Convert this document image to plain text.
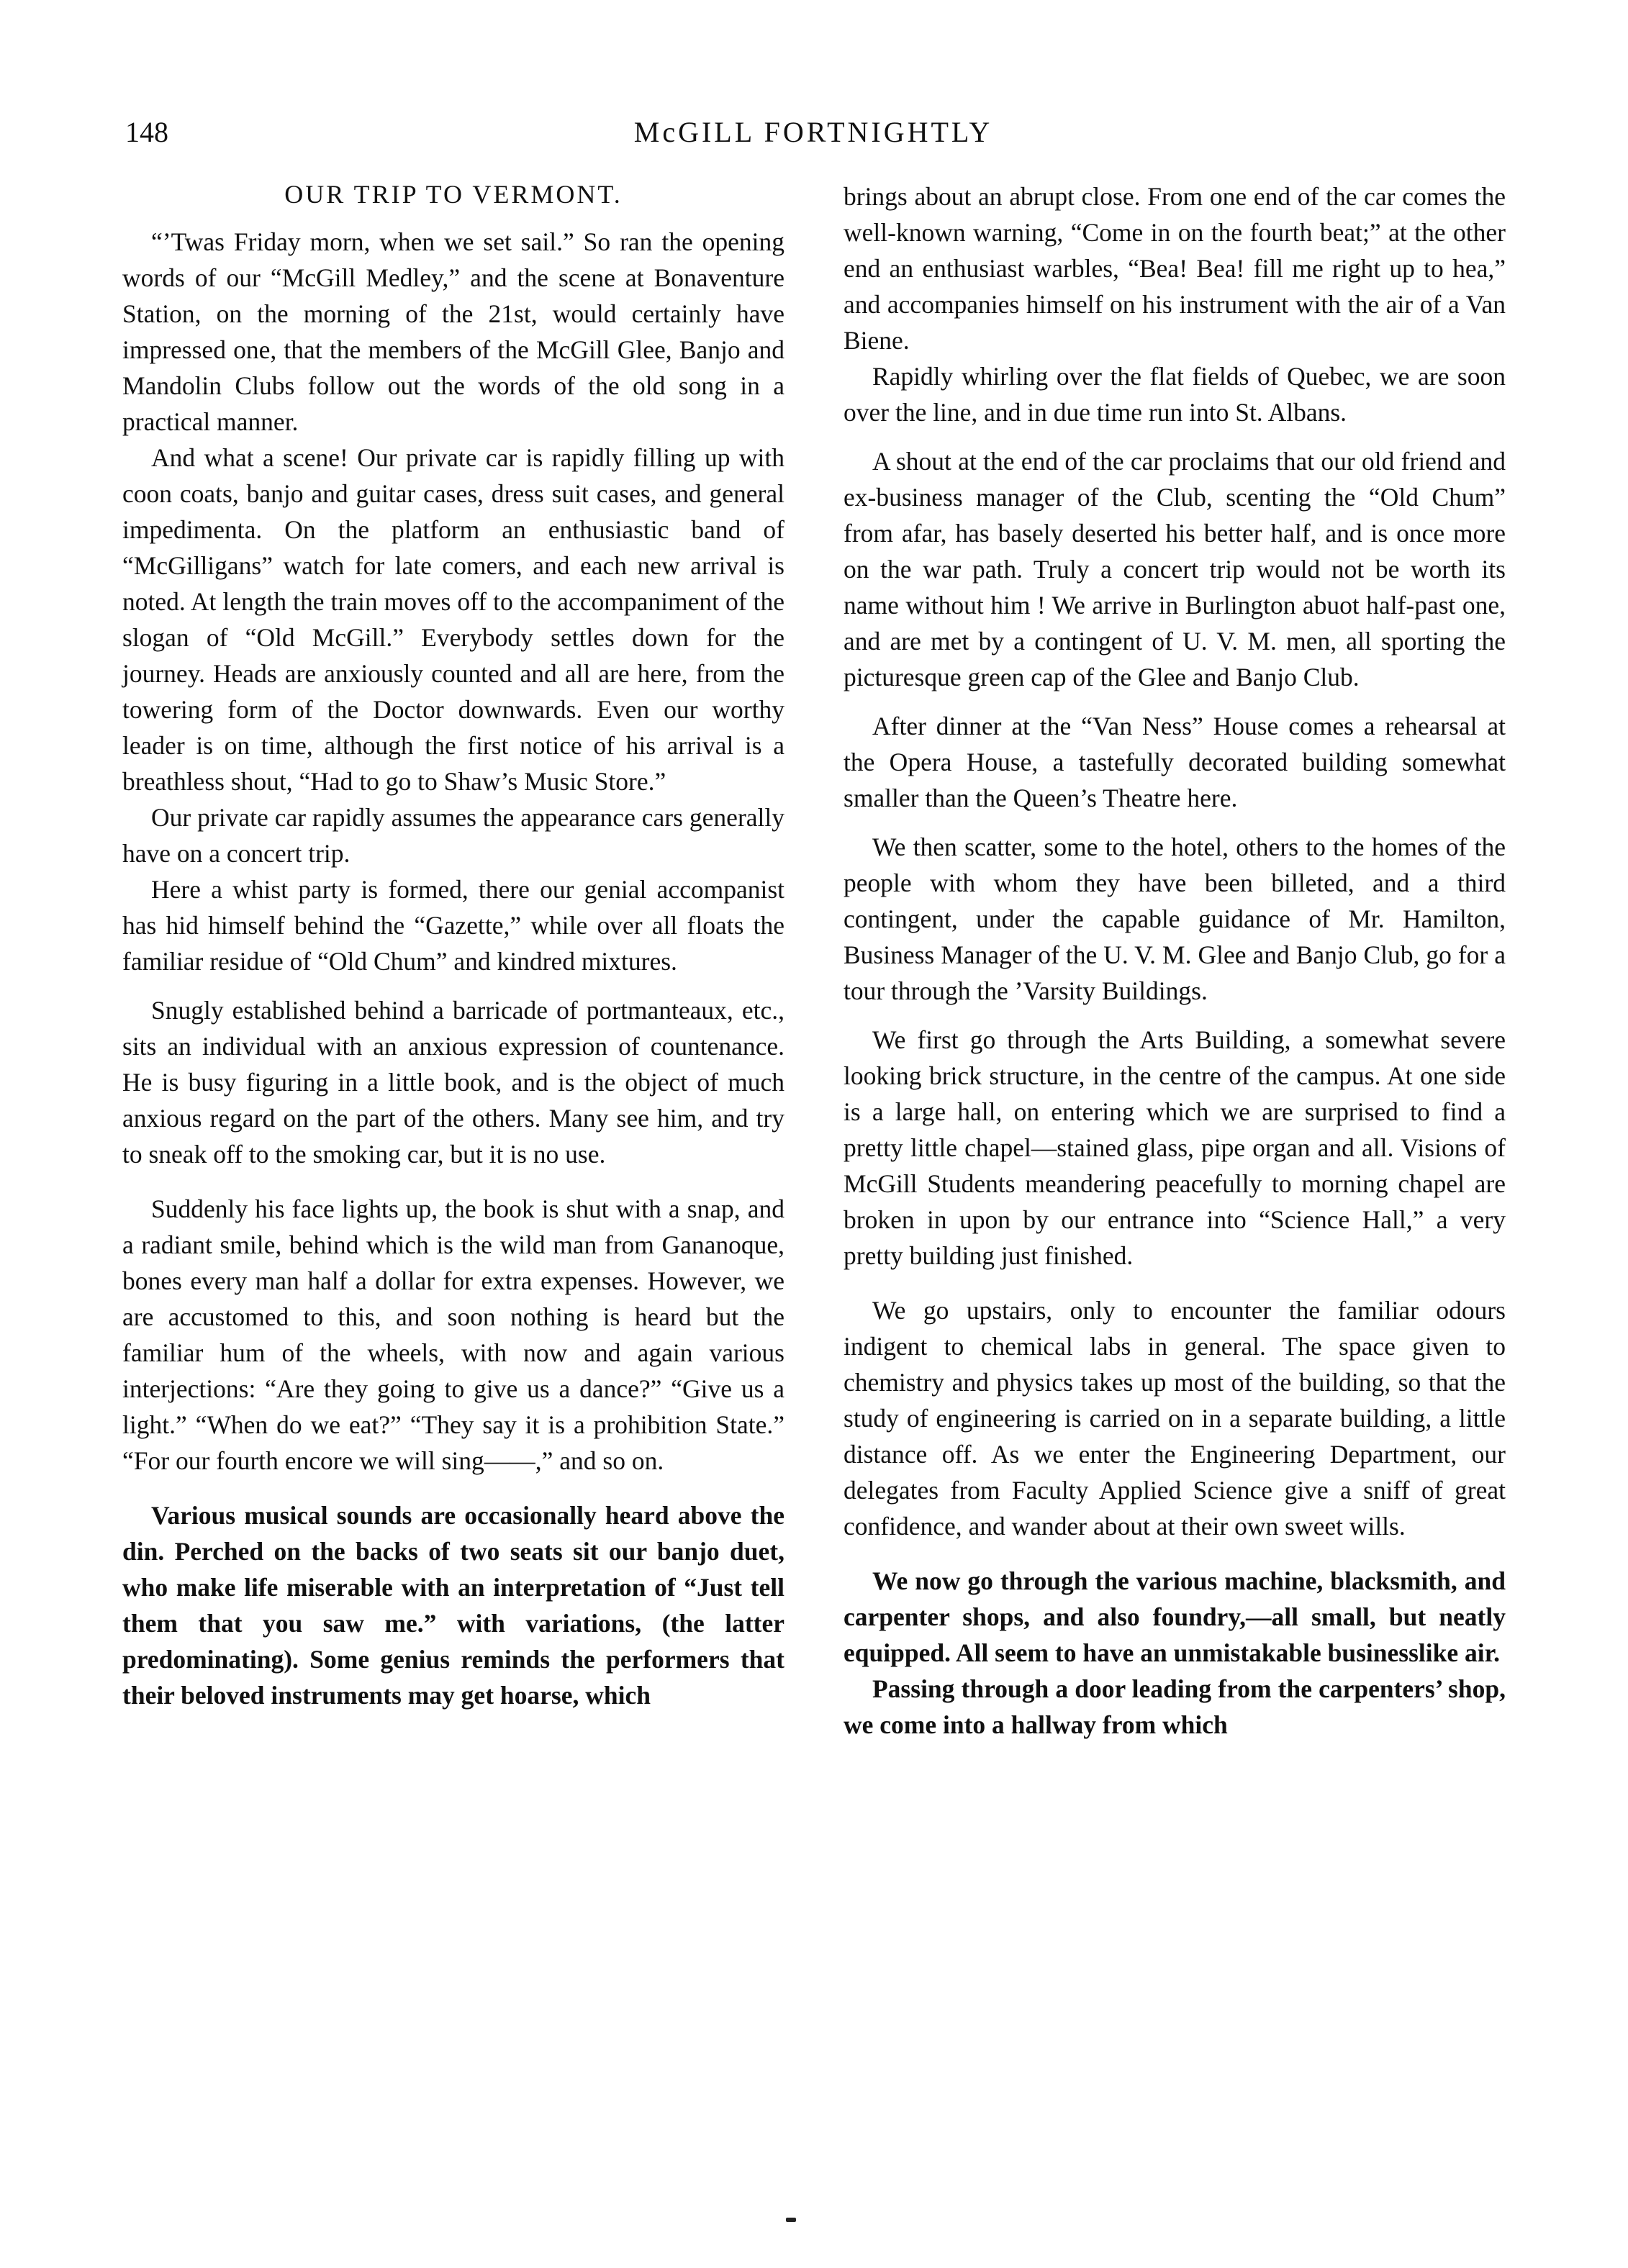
148	McGILL FORTNIGHTLY
OUR TRIP TO VERMONT.

“’Twas Friday morn, when we set sail.” So ran the opening words of our “McGill Medley,” and the scene at Bonaventure Station, on the morning of the 21st, would certainly have impressed one, that the members of the McGill Glee, Banjo and Mandolin Clubs follow out the words of the old song in a practical manner.

And what a scene! Our private car is rapidly filling up with coon coats, banjo and guitar cases, dress suit cases, and general impedimenta. On the platform an enthusiastic band of “McGilligans” watch for late comers, and each new arrival is noted. At length the train moves off to the accompaniment of the slogan of “Old McGill.” Everybody settles down for the journey. Heads are anxiously counted and all are here, from the towering form of the Doctor downwards. Even our worthy leader is on time, although the first notice of his arrival is a breathless shout, “Had to go to Shaw’s Music Store.”

Our private car rapidly assumes the appearance cars generally have on a concert trip.

Here a whist party is formed, there our genial accompanist has hid himself behind the “Gazette,” while over all floats the familiar residue of “Old Chum” and kindred mixtures.

Snugly established behind a barricade of portmanteaux, etc., sits an individual with an anxious expression of countenance. He is busy figuring in a little book, and is the object of much anxious regard on the part of the others. Many see him, and try to sneak off to the smoking car, but it is no use.

Suddenly his face lights up, the book is shut with a snap, and a radiant smile, behind which is the wild man from Gananoque, bones every man half a dollar for extra expenses. However, we are accustomed to this, and soon nothing is heard but the familiar hum of the wheels, with now and again various interjections: “Are they going to give us a dance?” “Give us a light.” “When do we eat?” “They say it is a prohibition State.” “For our fourth encore we will sing——,” and so on.

Various musical sounds are occasionally heard above the din. Perched on the backs of two seats sit our banjo duet, who make life miserable with an interpretation of “Just tell them that you saw me.” with variations, (the latter predominating). Some genius reminds the performers that their beloved instruments may get hoarse, which

brings about an abrupt close. From one end of the car comes the well-known warning, “Come in on the fourth beat;” at the other end an enthusiast warbles, “Bea! Bea! fill me right up to hea,” and accompanies himself on his instrument with the air of a Van Biene.

Rapidly whirling over the flat fields of Quebec, we are soon over the line, and in due time run into St. Albans.

A shout at the end of the car proclaims that our old friend and ex-business manager of the Club, scenting the “Old Chum” from afar, has basely deserted his better half, and is once more on the war path. Truly a concert trip would not be worth its name without him ! We arrive in Burlington abuot half-past one, and are met by a contingent of U. V. M. men, all sporting the picturesque green cap of the Glee and Banjo Club.

After dinner at the “Van Ness” House comes a rehearsal at the Opera House, a tastefully decorated building somewhat smaller than the Queen’s Theatre here.

We then scatter, some to the hotel, others to the homes of the people with whom they have been billeted, and a third contingent, under the capable guidance of Mr. Hamilton, Business Manager of the U. V. M. Glee and Banjo Club, go for a tour through the ’Varsity Buildings.

We first go through the Arts Building, a somewhat severe looking brick structure, in the centre of the campus. At one side is a large hall, on entering which we are surprised to find a pretty little chapel—stained glass, pipe organ and all. Visions of McGill Students meandering peacefully to morning chapel are broken in upon by our entrance into “Science Hall,” a very pretty building just finished.

We go upstairs, only to encounter the familiar odours indigent to chemical labs in general. The space given to chemistry and physics takes up most of the building, so that the study of engineering is carried on in a separate building, a little distance off. As we enter the Engineering Department, our delegates from Faculty Applied Science give a sniff of great confidence, and wander about at their own sweet wills.

We now go through the various machine, blacksmith, and carpenter shops, and also foundry,—all small, but neatly equipped. All seem to have an unmistakable businesslike air.

Passing through a door leading from the carpenters’ shop, we come into a hallway from which
